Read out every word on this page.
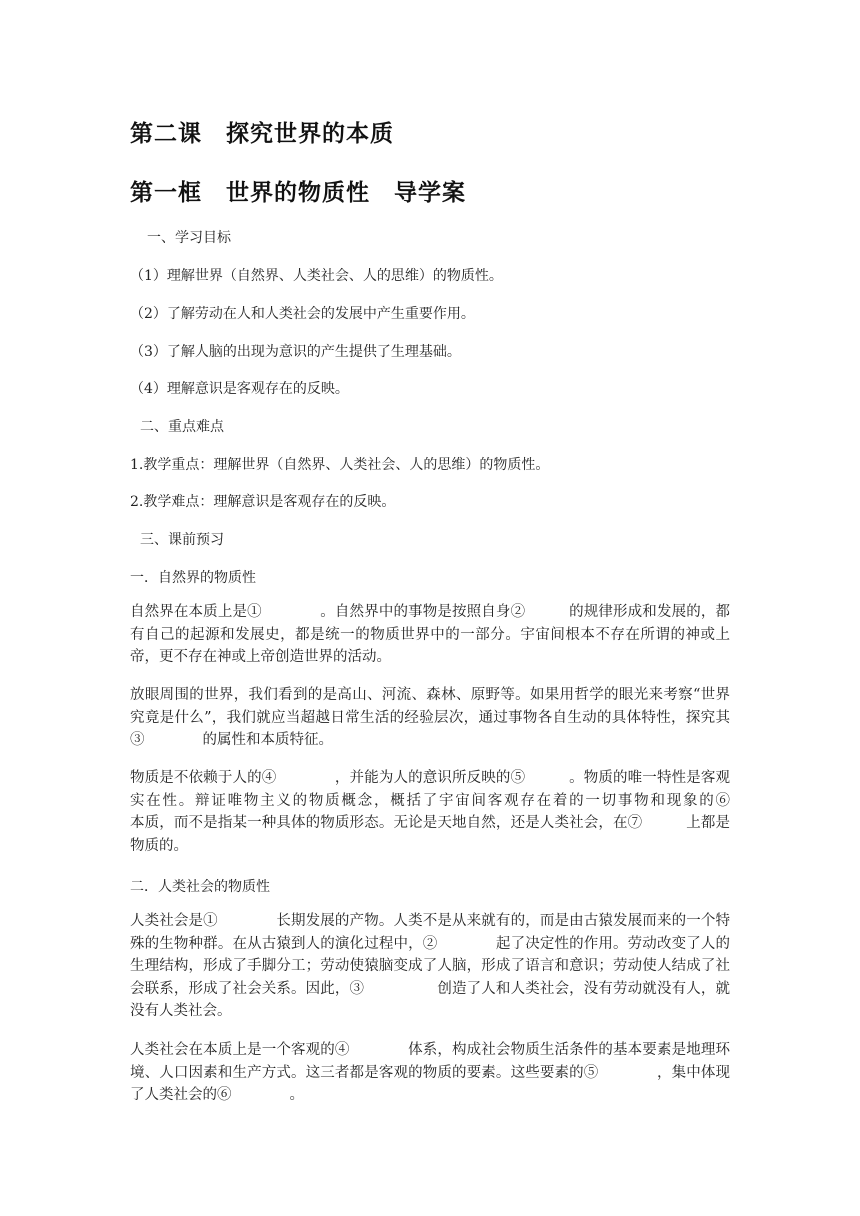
第二课　探究世界的本质
第一框　世界的物质性　导学案
一、学习目标
（1）理解世界（自然界、人类社会、人的思维）的物质性。
（2）了解劳动在人和人类社会的发展中产生重要作用。
（3）了解人脑的出现为意识的产生提供了生理基础。
（4）理解意识是客观存在的反映。
二、重点难点
1.教学重点：理解世界（自然界、人类社会、人的思维）的物质性。
2.教学难点：理解意识是客观存在的反映。
三、课前预习
一．自然界的物质性
自然界在本质上是①　　　　。自然界中的事物是按照自身②　　　的规律形成和发展的，都有自己的起源和发展史，都是统一的物质世界中的一部分。宇宙间根本不存在所谓的神或上帝，更不存在神或上帝创造世界的活动。
放眼周围的世界，我们看到的是高山、河流、森林、原野等。如果用哲学的眼光来考察“世界究竟是什么”，我们就应当超越日常生活的经验层次，通过事物各自生动的具体特性，探究其③　　　　的属性和本质特征。
物质是不依赖于人的④　　　　，并能为人的意识所反映的⑤　　　。物质的唯一特性是客观实在性。辩证唯物主义的物质概念，概括了宇宙间客观存在着的一切事物和现象的⑥　　　　本质，而不是指某一种具体的物质形态。无论是天地自然，还是人类社会，在⑦　　　上都是物质的。
二．人类社会的物质性
人类社会是①　　　　长期发展的产物。人类不是从来就有的，而是由古猿发展而来的一个特殊的生物种群。在从古猿到人的演化过程中，②　　　　起了决定性的作用。劳动改变了人的生理结构，形成了手脚分工；劳动使猿脑变成了人脑，形成了语言和意识；劳动使人结成了社会联系，形成了社会关系。因此，③　　　　　创造了人和人类社会，没有劳动就没有人，就没有人类社会。
人类社会在本质上是一个客观的④　　　　体系，构成社会物质生活条件的基本要素是地理环境、人口因素和生产方式。这三者都是客观的物质的要素。这些要素的⑤　　　　，集中体现了人类社会的⑥　　　　。
